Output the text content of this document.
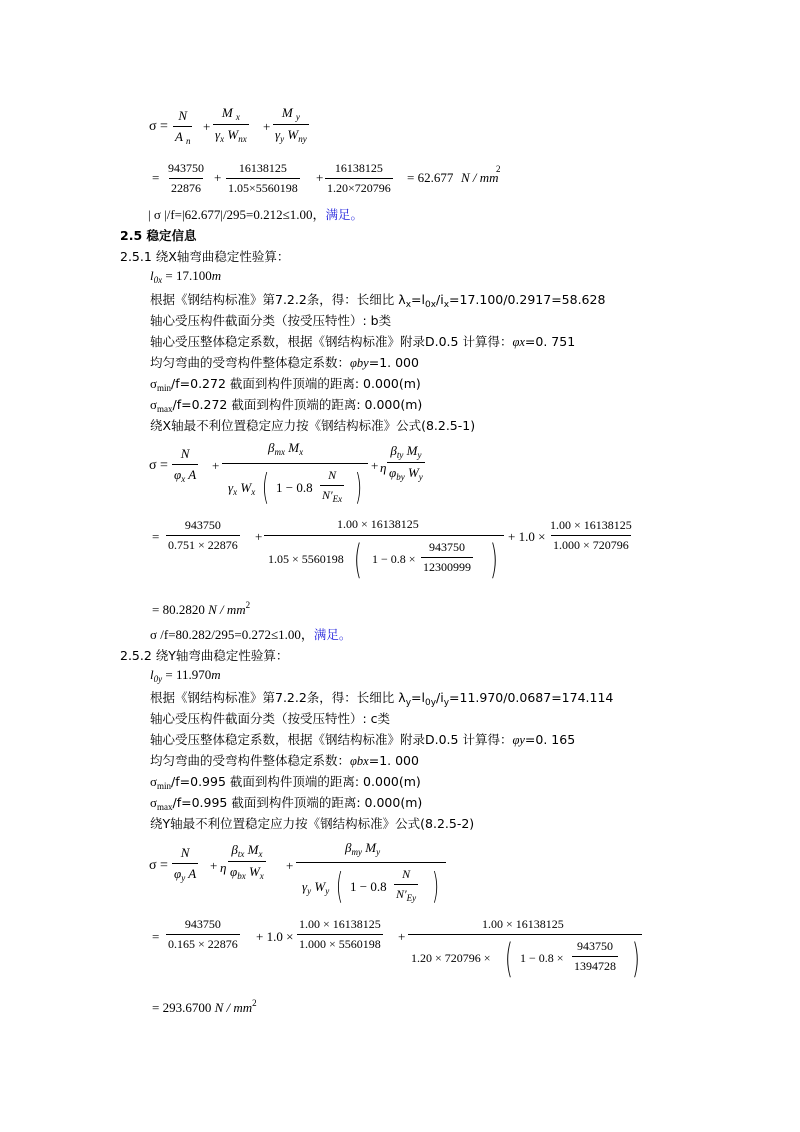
$\sigma = \frac{N}{A _n}$ +
M $_x$
$\gamma_x$ $W_{nx}$
+
M $_y$
$\gamma_y$ $W_{ny}$
= $\frac{943750}{22876} + \frac{16138125}{1.05\times 5560198} + \frac{16138125}{1.20\times 720796} = 62.677$ N / mm
2
| σ |/f=|62.677|/295=0.212≤1.00，满足。
2.5 稳定信息
2.5.1 绕X轴弯曲稳定性验算：
$l_{0x} = 17.100m$
根据《钢结构标准》第7.2.2条，得：长细比 $\lambda_x=l_{0x}/i_x=17.100/0.2917=58.628$
轴心受压构件截面分类（按受压特性）: b类
轴心受压整体稳定系数，根据《钢结构标准》附录D.0.5 计算得：φx=0. 751
均匀弯曲的受弯构件整体稳定系数：φby=1. 000
$\sigma_{min}/f=0.272$ 截面到构件顶端的距离: 0.000(m)
$\sigma_{max}/f=0.272$ 截面到构件顶端的距离: 0.000(m)
绕X轴最不利位置稳定应力按《钢结构标准》公式(8.2.5-1)
$\sigma = \frac{N}{\varphi_x A}$ +
$\beta_{mx}$ $M_x$
$\gamma_x$ $W_x$ ( $1 - 0.8 \frac{N}{N'_{Ex}}$ )
+ η
$\beta_{ty}$ $M_y$
$\varphi_{by}$ $W_y$
= $\frac{943750}{0.751 \times 22876}$ +
1.00 × 16138125
1.05 × 5560198 ( $1 - 0.8 \times \frac{943750}{12300999}$ )
+ $1.0 \times \frac{1.00 \times 16138125}{1.000 \times 720796}$
= 80.2820 N / $mm^2$
σ /f=80.282/295=0.272≤1.00，满足。
2.5.2 绕Y轴弯曲稳定性验算：
$l_{0y} = 11.970m$
根据《钢结构标准》第7.2.2条，得：长细比 $\lambda_y=l_{0y}/i_y=11.970/0.0687=174.114$
轴心受压构件截面分类（按受压特性）: c类
轴心受压整体稳定系数，根据《钢结构标准》附录D.0.5 计算得：φy=0. 165
均匀弯曲的受弯构件整体稳定系数：φbx=1. 000
$\sigma_{min}/f=0.995$ 截面到构件顶端的距离: 0.000(m)
$\sigma_{max}/f=0.995$ 截面到构件顶端的距离: 0.000(m)
绕Y轴最不利位置稳定应力按《钢结构标准》公式(8.2.5-2)
$\sigma = \frac{N}{\varphi_y A} + \eta$
$\beta_{tx}$ $M_x$
$\varphi_{bx}$ $W_x$
+
$\beta_{my}$ $M_y$
$\gamma_y$ $W_y$ ( $1 - 0.8 \frac{N}{N'_{Ey}}$ )
= $\frac{943750}{0.165 \times 22876} + 1.0 \times \frac{1.00 \times 16138125}{1.000 \times 5560198}$ +
1.00 × 16138125
1.20 × 720796 × ( $1 - 0.8 \times \frac{943750}{1394728}$ )
= 293.6700 N / $mm^2$
